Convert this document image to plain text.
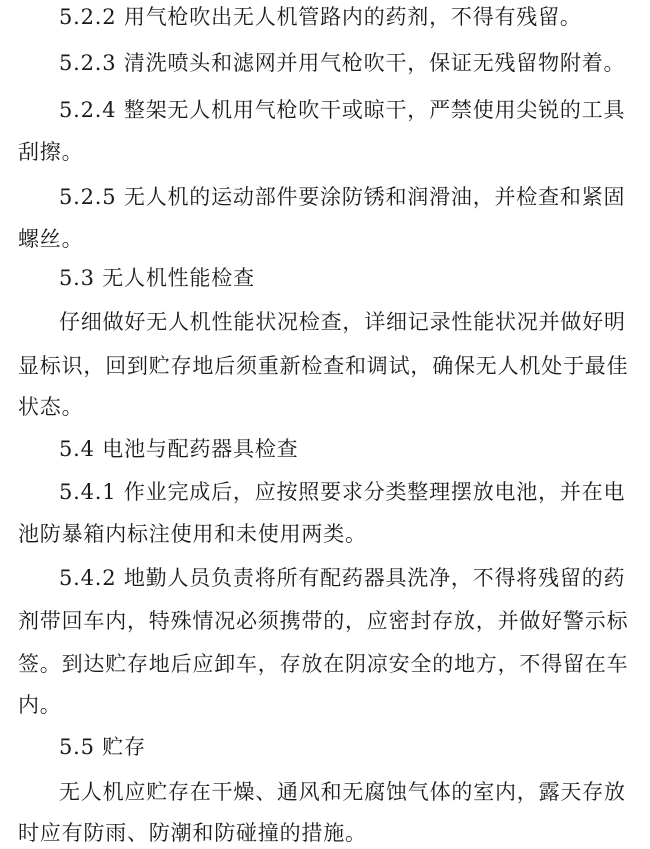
5.2.2 用气枪吹出无人机管路内的药剂，不得有残留。
5.2.3 清洗喷头和滤网并用气枪吹干，保证无残留物附着。
5.2.4 整架无人机用气枪吹干或晾干，严禁使用尖锐的工具
刮擦。
5.2.5 无人机的运动部件要涂防锈和润滑油，并检查和紧固
螺丝。
5.3 无人机性能检查
仔细做好无人机性能状况检查，详细记录性能状况并做好明
显标识，回到贮存地后须重新检查和调试，确保无人机处于最佳
状态。
5.4 电池与配药器具检查
5.4.1 作业完成后，应按照要求分类整理摆放电池，并在电
池防暴箱内标注使用和未使用两类。
5.4.2 地勤人员负责将所有配药器具洗净，不得将残留的药
剂带回车内，特殊情况必须携带的，应密封存放，并做好警示标
签。到达贮存地后应卸车，存放在阴凉安全的地方，不得留在车
内。
5.5 贮存
无人机应贮存在干燥、通风和无腐蚀气体的室内，露天存放
时应有防雨、防潮和防碰撞的措施。
